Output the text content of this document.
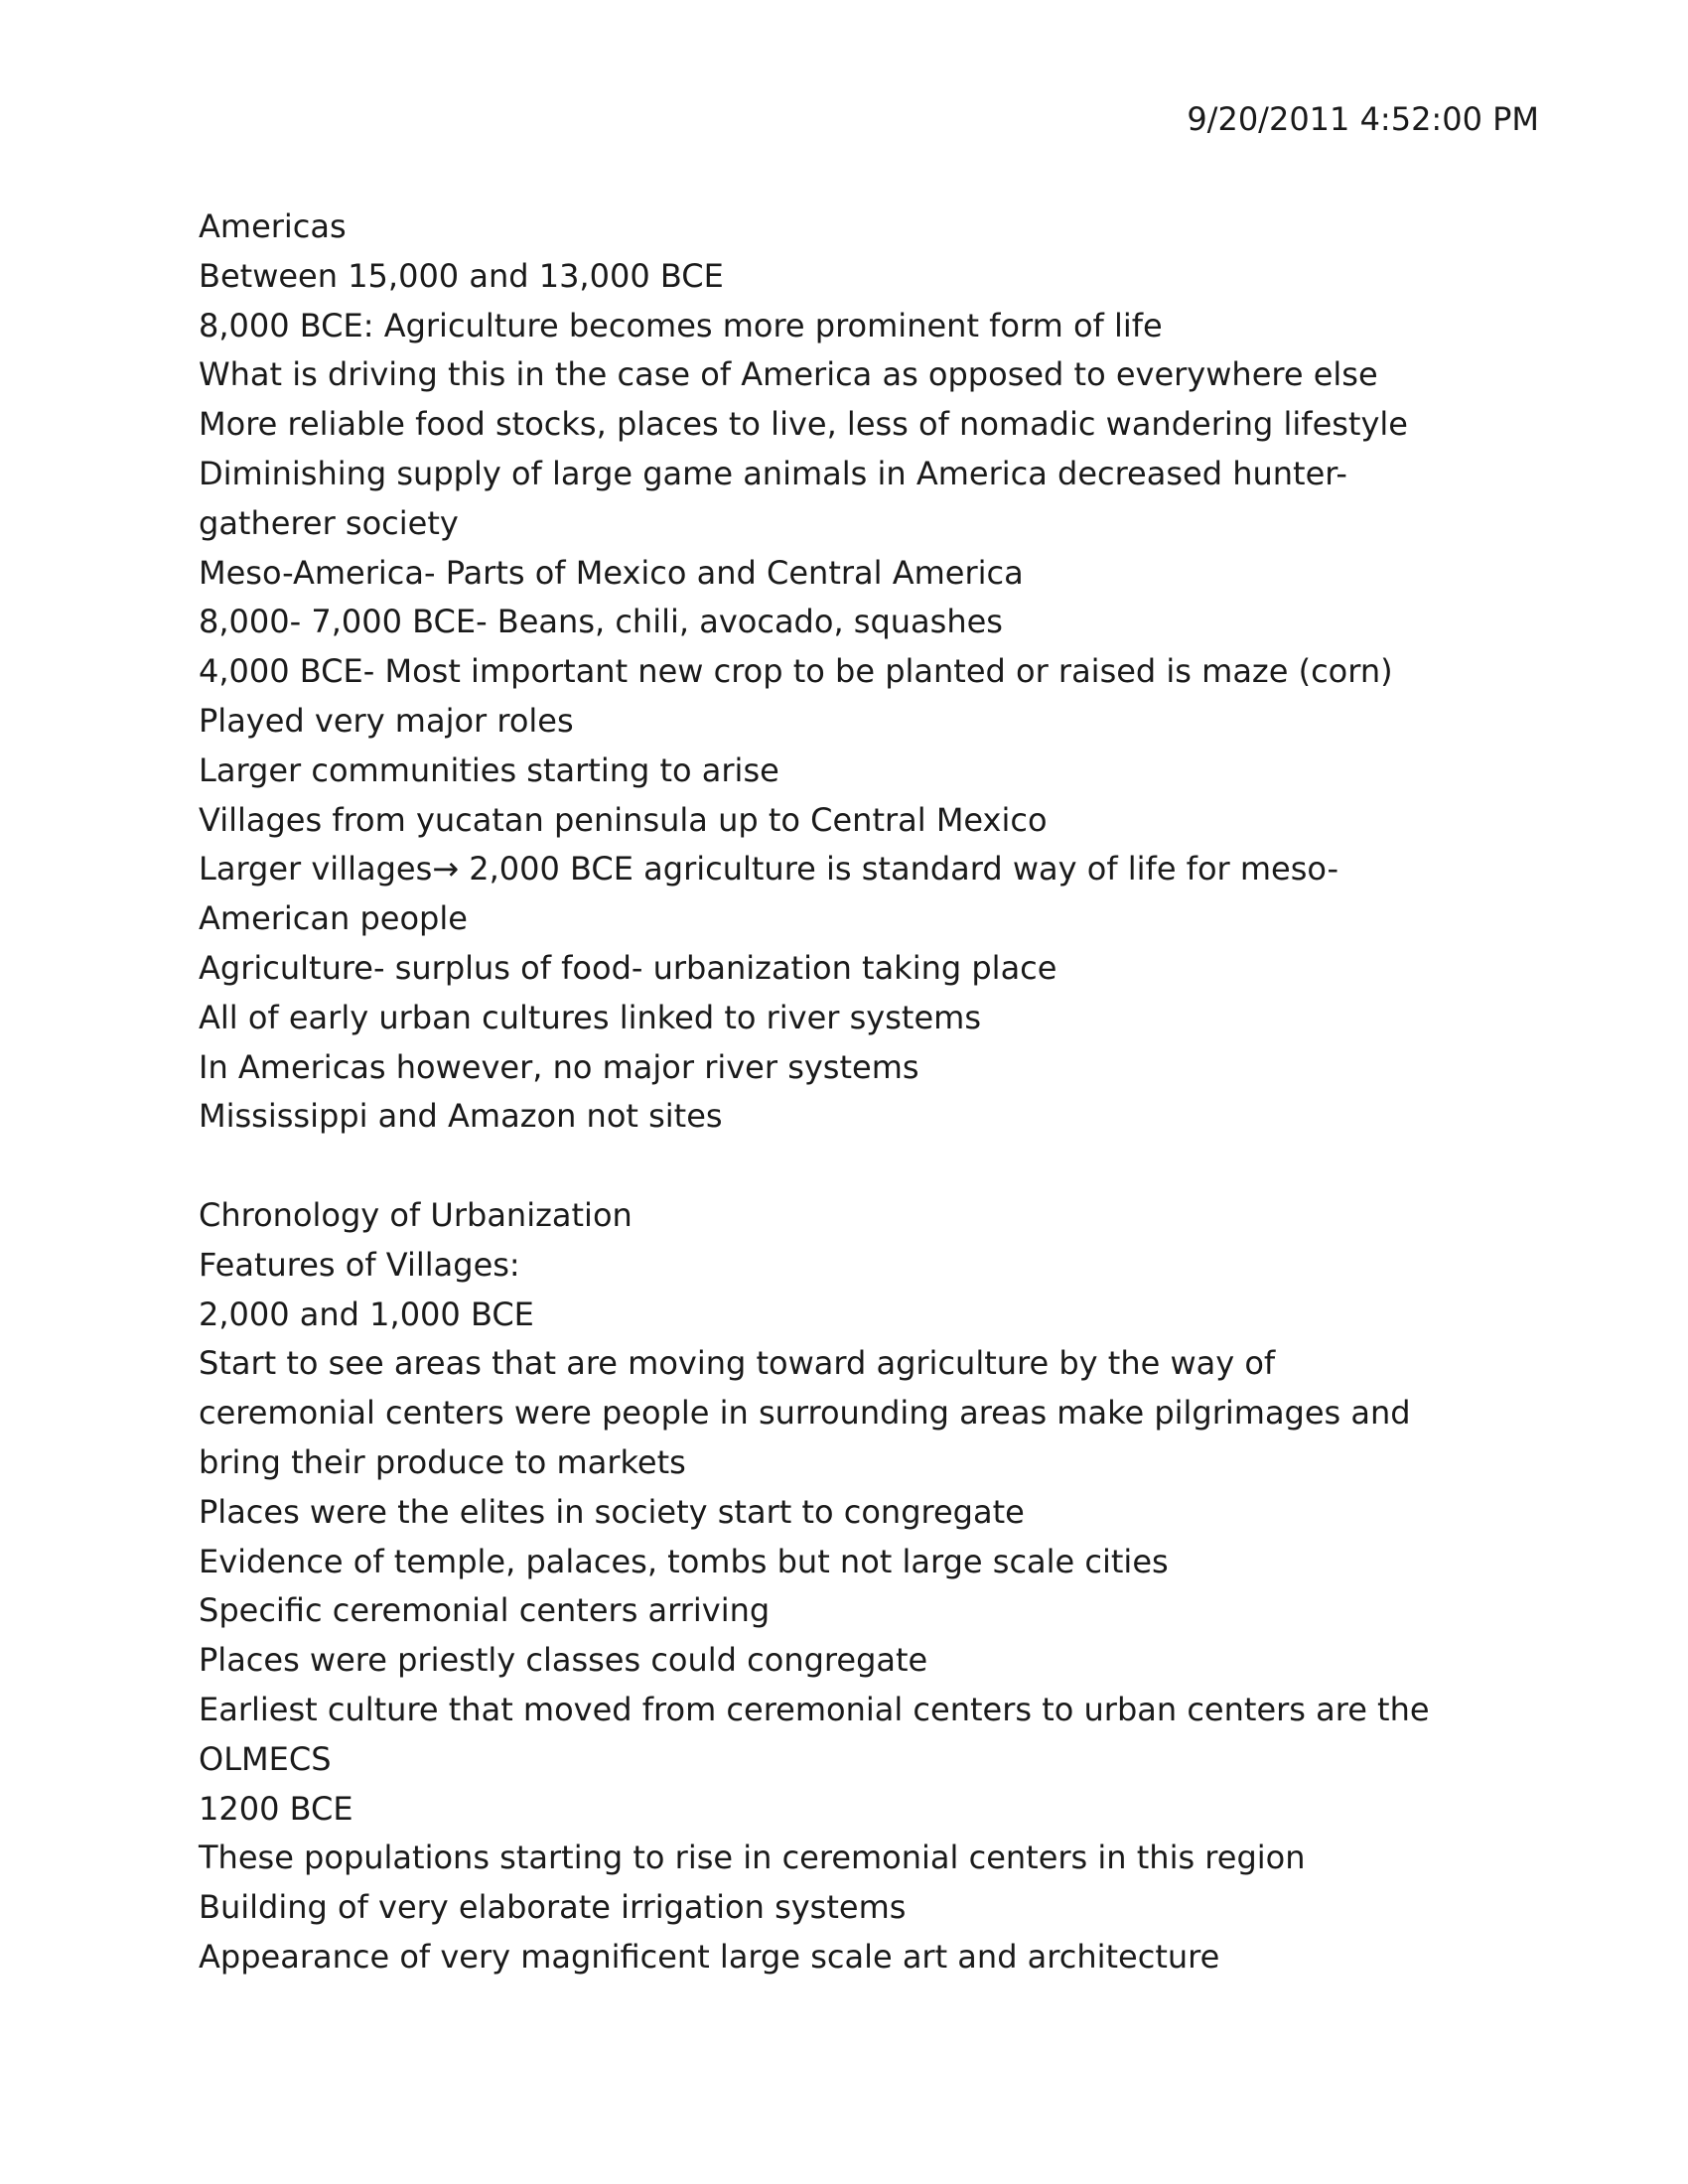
9/20/2011 4:52:00 PM
Americas
Between 15,000 and 13,000 BCE
8,000 BCE: Agriculture becomes more prominent form of life
What is driving this in the case of America as opposed to everywhere else
More reliable food stocks, places to live, less of nomadic wandering lifestyle
Diminishing supply of large game animals in America decreased hunter-
gatherer society
Meso-America- Parts of Mexico and Central America
8,000- 7,000 BCE- Beans, chili, avocado, squashes
4,000 BCE- Most important new crop to be planted or raised is maze (corn)
Played very major roles
Larger communities starting to arise
Villages from yucatan peninsula up to Central Mexico
Larger villages→ 2,000 BCE agriculture is standard way of life for meso-
American people
Agriculture- surplus of food- urbanization taking place
All of early urban cultures linked to river systems
In Americas however, no major river systems
Mississippi and Amazon not sites
Chronology of Urbanization
Features of Villages:
2,000 and 1,000 BCE
Start to see areas that are moving toward agriculture by the way of
ceremonial centers were people in surrounding areas make pilgrimages and
bring their produce to markets
Places were the elites in society start to congregate
Evidence of temple, palaces, tombs but not large scale cities
Specific ceremonial centers arriving
Places were priestly classes could congregate
Earliest culture that moved from ceremonial centers to urban centers are the
OLMECS
1200 BCE
These populations starting to rise in ceremonial centers in this region
Building of very elaborate irrigation systems
Appearance of very magnificent large scale art and architecture
